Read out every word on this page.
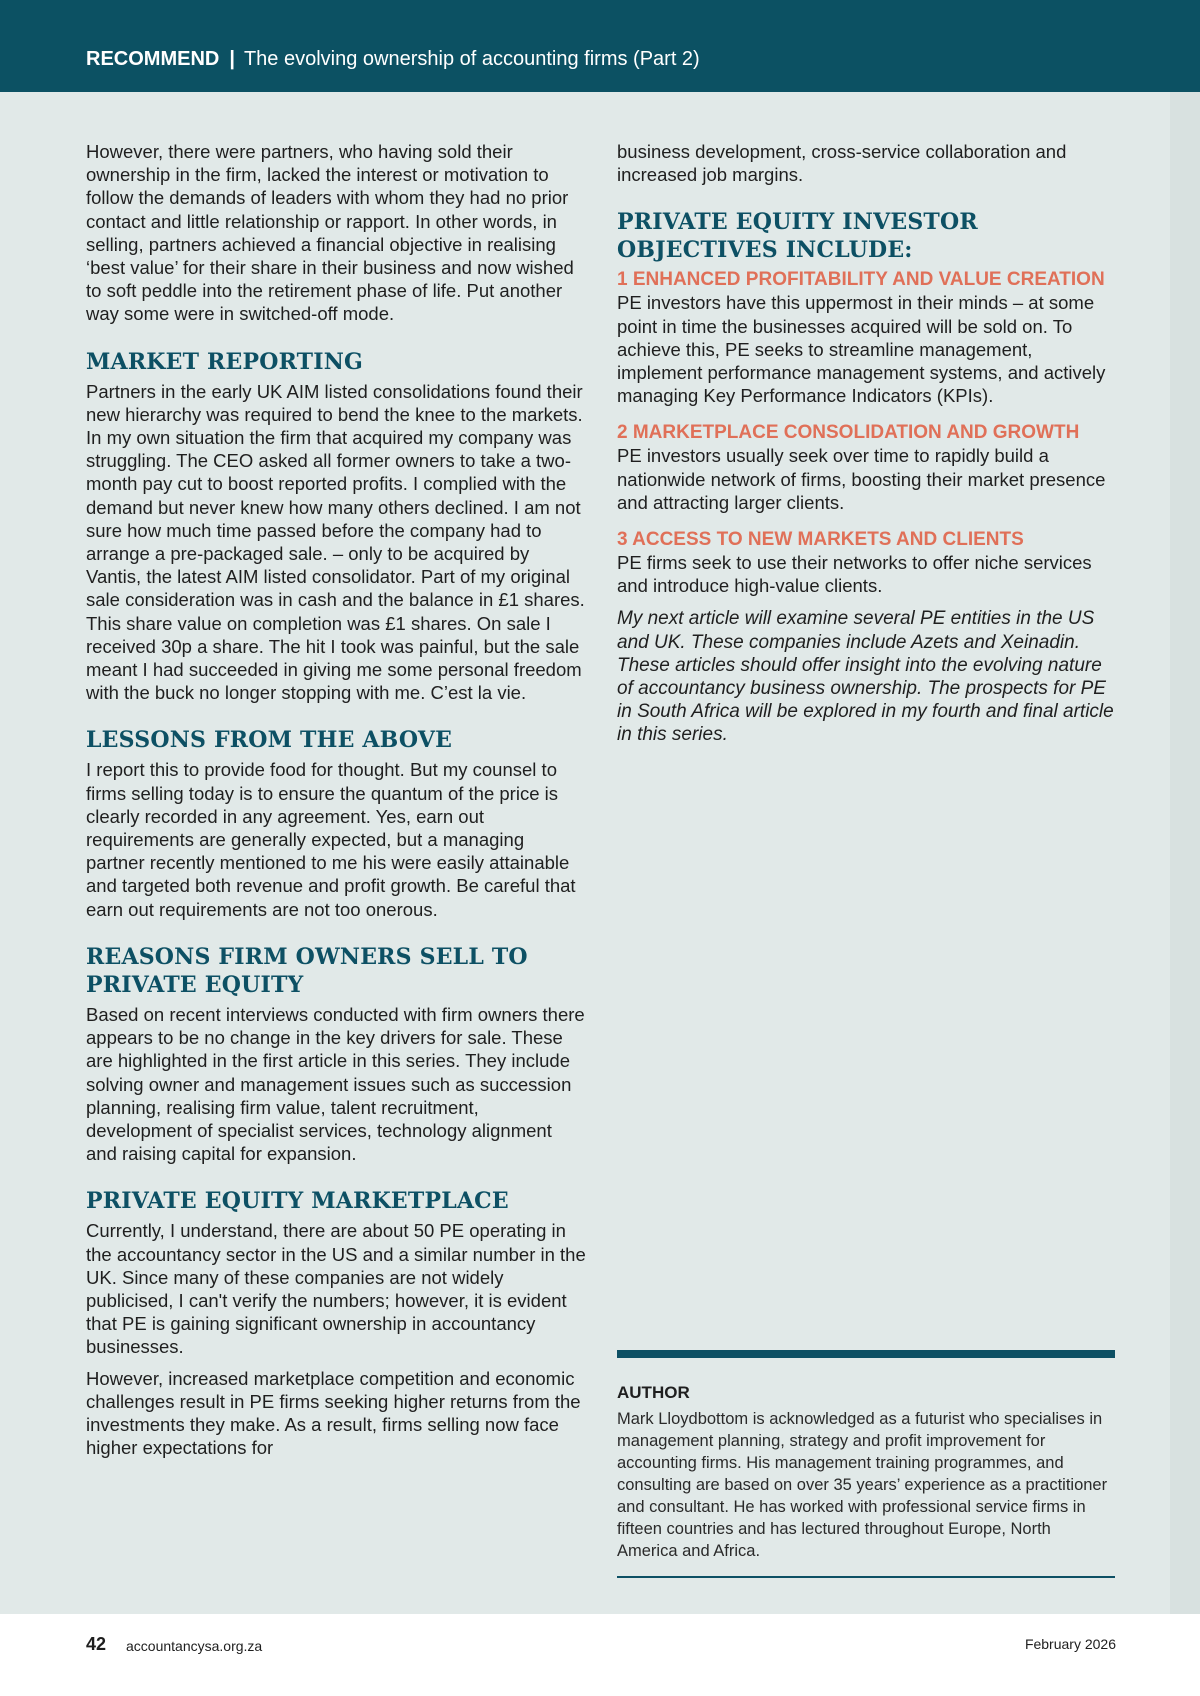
RECOMMEND | The evolving ownership of accounting firms (Part 2)

However, there were partners, who having sold their ownership in the firm, lacked the interest or motivation to follow the demands of leaders with whom they had no prior contact and little relationship or rapport. In other words, in selling, partners achieved a financial objective in realising ‘best value’ for their share in their business and now wished to soft peddle into the retirement phase of life. Put another way some were in switched-off mode.

MARKET REPORTING

Partners in the early UK AIM listed consolidations found their new hierarchy was required to bend the knee to the markets. In my own situation the firm that acquired my company was struggling. The CEO asked all former owners to take a two-month pay cut to boost reported profits. I complied with the demand but never knew how many others declined. I am not sure how much time passed before the company had to arrange a pre-packaged sale. – only to be acquired by Vantis, the latest AIM listed consolidator. Part of my original sale consideration was in cash and the balance in £1 shares. This share value on completion was £1 shares. On sale I received 30p a share. The hit I took was painful, but the sale meant I had succeeded in giving me some personal freedom with the buck no longer stopping with me. C’est la vie.

LESSONS FROM THE ABOVE

I report this to provide food for thought. But my counsel to firms selling today is to ensure the quantum of the price is clearly recorded in any agreement. Yes, earn out requirements are generally expected, but a managing partner recently mentioned to me his were easily attainable and targeted both revenue and profit growth. Be careful that earn out requirements are not too onerous.

REASONS FIRM OWNERS SELL TO PRIVATE EQUITY

Based on recent interviews conducted with firm owners there appears to be no change in the key drivers for sale. These are highlighted in the first article in this series. They include solving owner and management issues such as succession planning, realising firm value, talent recruitment, development of specialist services, technology alignment and raising capital for expansion.

PRIVATE EQUITY MARKETPLACE

Currently, I understand, there are about 50 PE operating in the accountancy sector in the US and a similar number in the UK. Since many of these companies are not widely publicised, I can't verify the numbers; however, it is evident that PE is gaining significant ownership in accountancy businesses.

However, increased marketplace competition and economic challenges result in PE firms seeking higher returns from the investments they make. As a result, firms selling now face higher expectations for

business development, cross-service collaboration and increased job margins.

PRIVATE EQUITY INVESTOR OBJECTIVES INCLUDE:
1 ENHANCED PROFITABILITY AND VALUE CREATION

PE investors have this uppermost in their minds – at some point in time the businesses acquired will be sold on. To achieve this, PE seeks to streamline management, implement performance management systems, and actively managing Key Performance Indicators (KPIs).

2 MARKETPLACE CONSOLIDATION AND GROWTH

PE investors usually seek over time to rapidly build a nationwide network of firms, boosting their market presence and attracting larger clients.

3 ACCESS TO NEW MARKETS AND CLIENTS

PE firms seek to use their networks to offer niche services and introduce high-value clients.

My next article will examine several PE entities in the US and UK. These companies include Azets and Xeinadin. These articles should offer insight into the evolving nature of accountancy business ownership. The prospects for PE in South Africa will be explored in my fourth and final article in this series.

AUTHOR
Mark Lloydbottom is acknowledged as a futurist who specialises in management planning, strategy and profit improvement for accounting firms. His management training programmes, and consulting are based on over 35 years’ experience as a practitioner and consultant. He has worked with professional service firms in fifteen countries and has lectured throughout Europe, North America and Africa.
42 accountancysa.org.za	February 2026
